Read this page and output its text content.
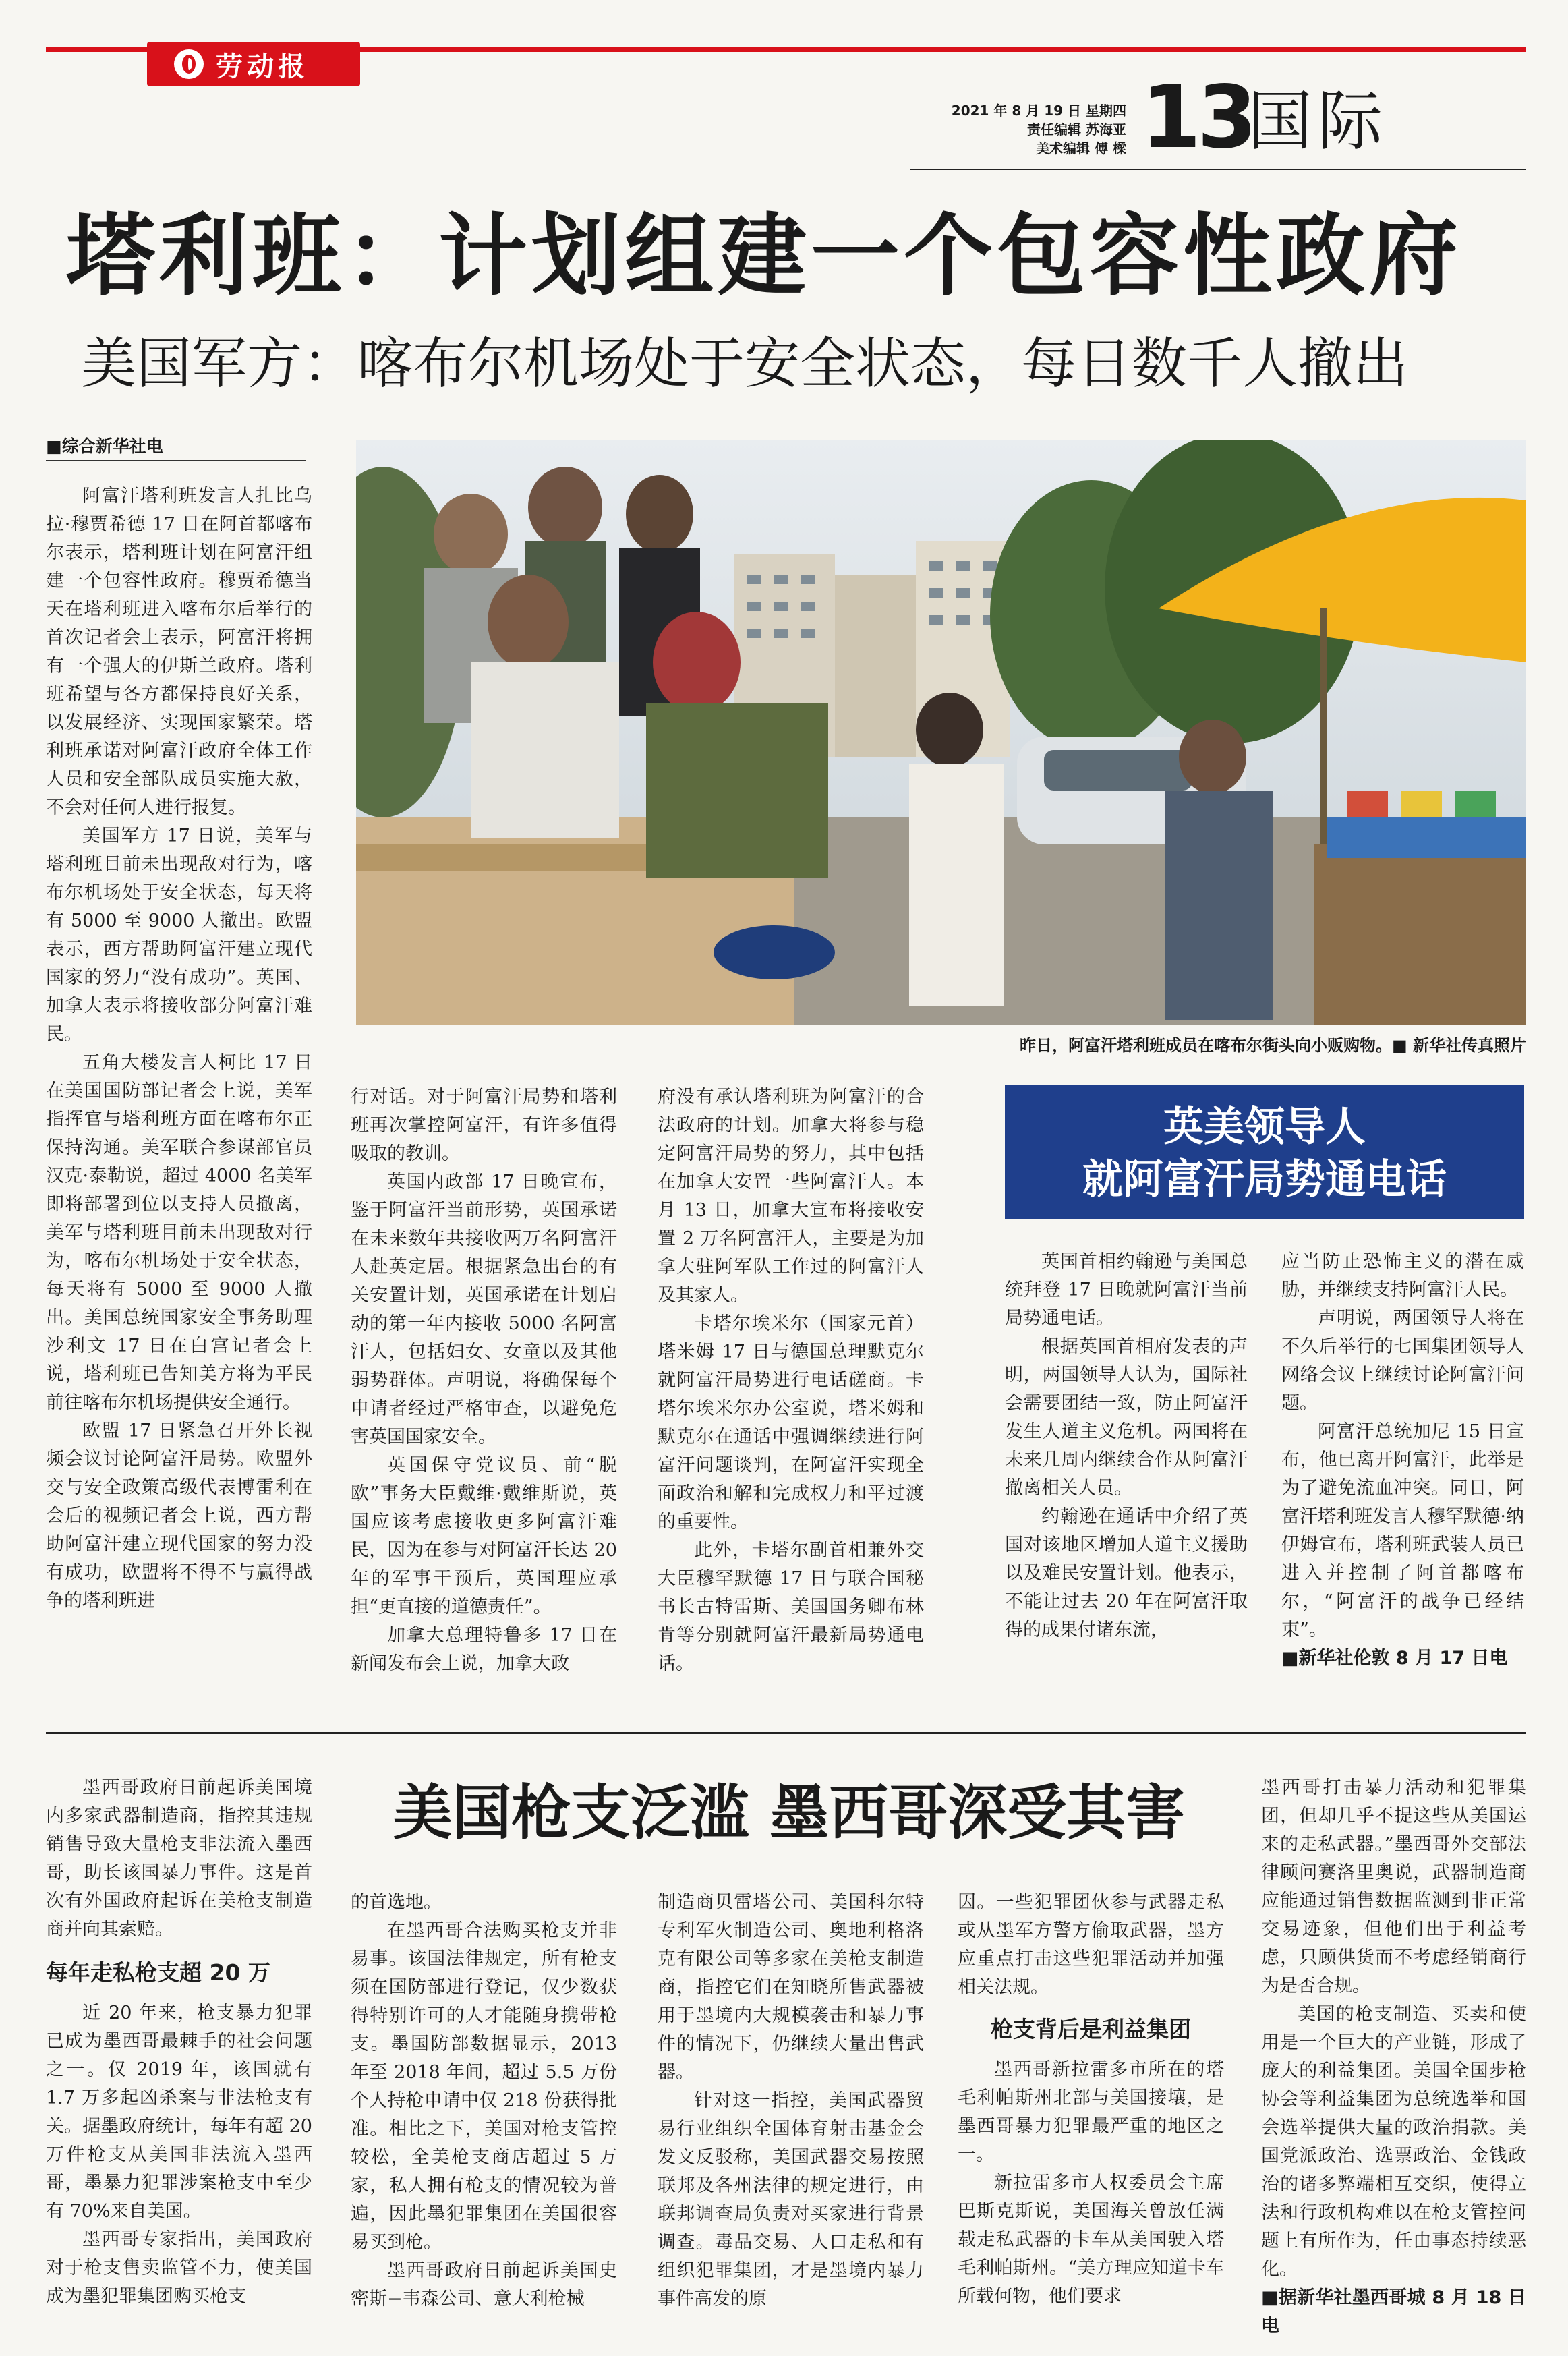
劳动报
2021 年 8 月 19 日 星期四
责任编辑 苏海亚
美术编辑 傅 樑 13
国际
塔利班：计划组建一个包容性政府
美国军方：喀布尔机场处于安全状态，每日数千人撤出
■综合新华社电

阿富汗塔利班发言人扎比乌拉·穆贾希德 17 日在阿首都喀布尔表示，塔利班计划在阿富汗组建一个包容性政府。穆贾希德当天在塔利班进入喀布尔后举行的首次记者会上表示，阿富汗将拥有一个强大的伊斯兰政府。塔利班希望与各方都保持良好关系，以发展经济、实现国家繁荣。塔利班承诺对阿富汗政府全体工作人员和安全部队成员实施大赦，不会对任何人进行报复。

美国军方 17 日说，美军与塔利班目前未出现敌对行为，喀布尔机场处于安全状态，每天将有 5000 至 9000 人撤出。欧盟表示，西方帮助阿富汗建立现代国家的努力“没有成功”。英国、加拿大表示将接收部分阿富汗难民。

五角大楼发言人柯比 17 日在美国国防部记者会上说，美军指挥官与塔利班方面在喀布尔正保持沟通。美军联合参谋部官员汉克·泰勒说，超过 4000 名美军即将部署到位以支持人员撤离，美军与塔利班目前未出现敌对行为，喀布尔机场处于安全状态，每天将有 5000 至 9000 人撤出。美国总统国家安全事务助理沙利文 17 日在白宫记者会上说，塔利班已告知美方将为平民前往喀布尔机场提供安全通行。

欧盟 17 日紧急召开外长视频会议讨论阿富汗局势。欧盟外交与安全政策高级代表博雷利在会后的视频记者会上说，西方帮助阿富汗建立现代国家的努力没有成功，欧盟将不得不与赢得战争的塔利班进

昨日，阿富汗塔利班成员在喀布尔街头向小贩购物。■ 新华社传真照片

行对话。对于阿富汗局势和塔利班再次掌控阿富汗，有许多值得吸取的教训。

英国内政部 17 日晚宣布，鉴于阿富汗当前形势，英国承诺在未来数年共接收两万名阿富汗人赴英定居。根据紧急出台的有关安置计划，英国承诺在计划启动的第一年内接收 5000 名阿富汗人，包括妇女、女童以及其他弱势群体。声明说，将确保每个申请者经过严格审查，以避免危害英国国家安全。

英国保守党议员、前“脱欧”事务大臣戴维·戴维斯说，英国应该考虑接收更多阿富汗难民，因为在参与对阿富汗长达 20 年的军事干预后，英国理应承担“更直接的道德责任”。

加拿大总理特鲁多 17 日在新闻发布会上说，加拿大政

府没有承认塔利班为阿富汗的合法政府的计划。加拿大将参与稳定阿富汗局势的努力，其中包括在加拿大安置一些阿富汗人。本月 13 日，加拿大宣布将接收安置 2 万名阿富汗人，主要是为加拿大驻阿军队工作过的阿富汗人及其家人。

卡塔尔埃米尔（国家元首）塔米姆 17 日与德国总理默克尔就阿富汗局势进行电话磋商。卡塔尔埃米尔办公室说，塔米姆和默克尔在通话中强调继续进行阿富汗问题谈判，在阿富汗实现全面政治和解和完成权力和平过渡的重要性。

此外，卡塔尔副首相兼外交大臣穆罕默德 17 日与联合国秘书长古特雷斯、美国国务卿布林肯等分别就阿富汗最新局势通电话。

英美领导人
就阿富汗局势通电话

英国首相约翰逊与美国总统拜登 17 日晚就阿富汗当前局势通电话。

根据英国首相府发表的声明，两国领导人认为，国际社会需要团结一致，防止阿富汗发生人道主义危机。两国将在未来几周内继续合作从阿富汗撤离相关人员。

约翰逊在通话中介绍了英国对该地区增加人道主义援助以及难民安置计划。他表示，不能让过去 20 年在阿富汗取得的成果付诸东流，

应当防止恐怖主义的潜在威胁，并继续支持阿富汗人民。

声明说，两国领导人将在不久后举行的七国集团领导人网络会议上继续讨论阿富汗问题。

阿富汗总统加尼 15 日宣布，他已离开阿富汗，此举是为了避免流血冲突。同日，阿富汗塔利班发言人穆罕默德·纳伊姆宣布，塔利班武装人员已进入并控制了阿首都喀布尔，“阿富汗的战争已经结束”。

■新华社伦敦 8 月 17 日电

美国枪支泛滥 墨西哥深受其害

墨西哥政府日前起诉美国境内多家武器制造商，指控其违规销售导致大量枪支非法流入墨西哥，助长该国暴力事件。这是首次有外国政府起诉在美枪支制造商并向其索赔。

每年走私枪支超 20 万

近 20 年来，枪支暴力犯罪已成为墨西哥最棘手的社会问题之一。仅 2019 年，该国就有 1.7 万多起凶杀案与非法枪支有关。据墨政府统计，每年有超 20 万件枪支从美国非法流入墨西哥，墨暴力犯罪涉案枪支中至少有 70%来自美国。

墨西哥专家指出，美国政府对于枪支售卖监管不力，使美国成为墨犯罪集团购买枪支

的首选地。

在墨西哥合法购买枪支并非易事。该国法律规定，所有枪支须在国防部进行登记，仅少数获得特别许可的人才能随身携带枪支。墨国防部数据显示，2013 年至 2018 年间，超过 5.5 万份个人持枪申请中仅 218 份获得批准。相比之下，美国对枪支管控较松，全美枪支商店超过 5 万家，私人拥有枪支的情况较为普遍，因此墨犯罪集团在美国很容易买到枪。

墨西哥政府日前起诉美国史密斯−韦森公司、意大利枪械

制造商贝雷塔公司、美国科尔特专利军火制造公司、奥地利格洛克有限公司等多家在美枪支制造商，指控它们在知晓所售武器被用于墨境内大规模袭击和暴力事件的情况下，仍继续大量出售武器。

针对这一指控，美国武器贸易行业组织全国体育射击基金会发文反驳称，美国武器交易按照联邦及各州法律的规定进行，由联邦调查局负责对买家进行背景调查。毒品交易、人口走私和有组织犯罪集团，才是墨境内暴力事件高发的原

因。一些犯罪团伙参与武器走私或从墨军方警方偷取武器，墨方应重点打击这些犯罪活动并加强相关法规。

枪支背后是利益集团

墨西哥新拉雷多市所在的塔毛利帕斯州北部与美国接壤，是墨西哥暴力犯罪最严重的地区之一。

新拉雷多市人权委员会主席巴斯克斯说，美国海关曾放任满载走私武器的卡车从美国驶入塔毛利帕斯州。“美方理应知道卡车所载何物，他们要求

墨西哥打击暴力活动和犯罪集团，但却几乎不提这些从美国运来的走私武器。”墨西哥外交部法律顾问赛洛里奥说，武器制造商应能通过销售数据监测到非正常交易迹象，但他们出于利益考虑，只顾供货而不考虑经销商行为是否合规。

美国的枪支制造、买卖和使用是一个巨大的产业链，形成了庞大的利益集团。美国全国步枪协会等利益集团为总统选举和国会选举提供大量的政治捐款。美国党派政治、选票政治、金钱政治的诸多弊端相互交织，使得立法和行政机构难以在枪支管控问题上有所作为，任由事态持续恶化。

■据新华社墨西哥城 8 月 18 日电
